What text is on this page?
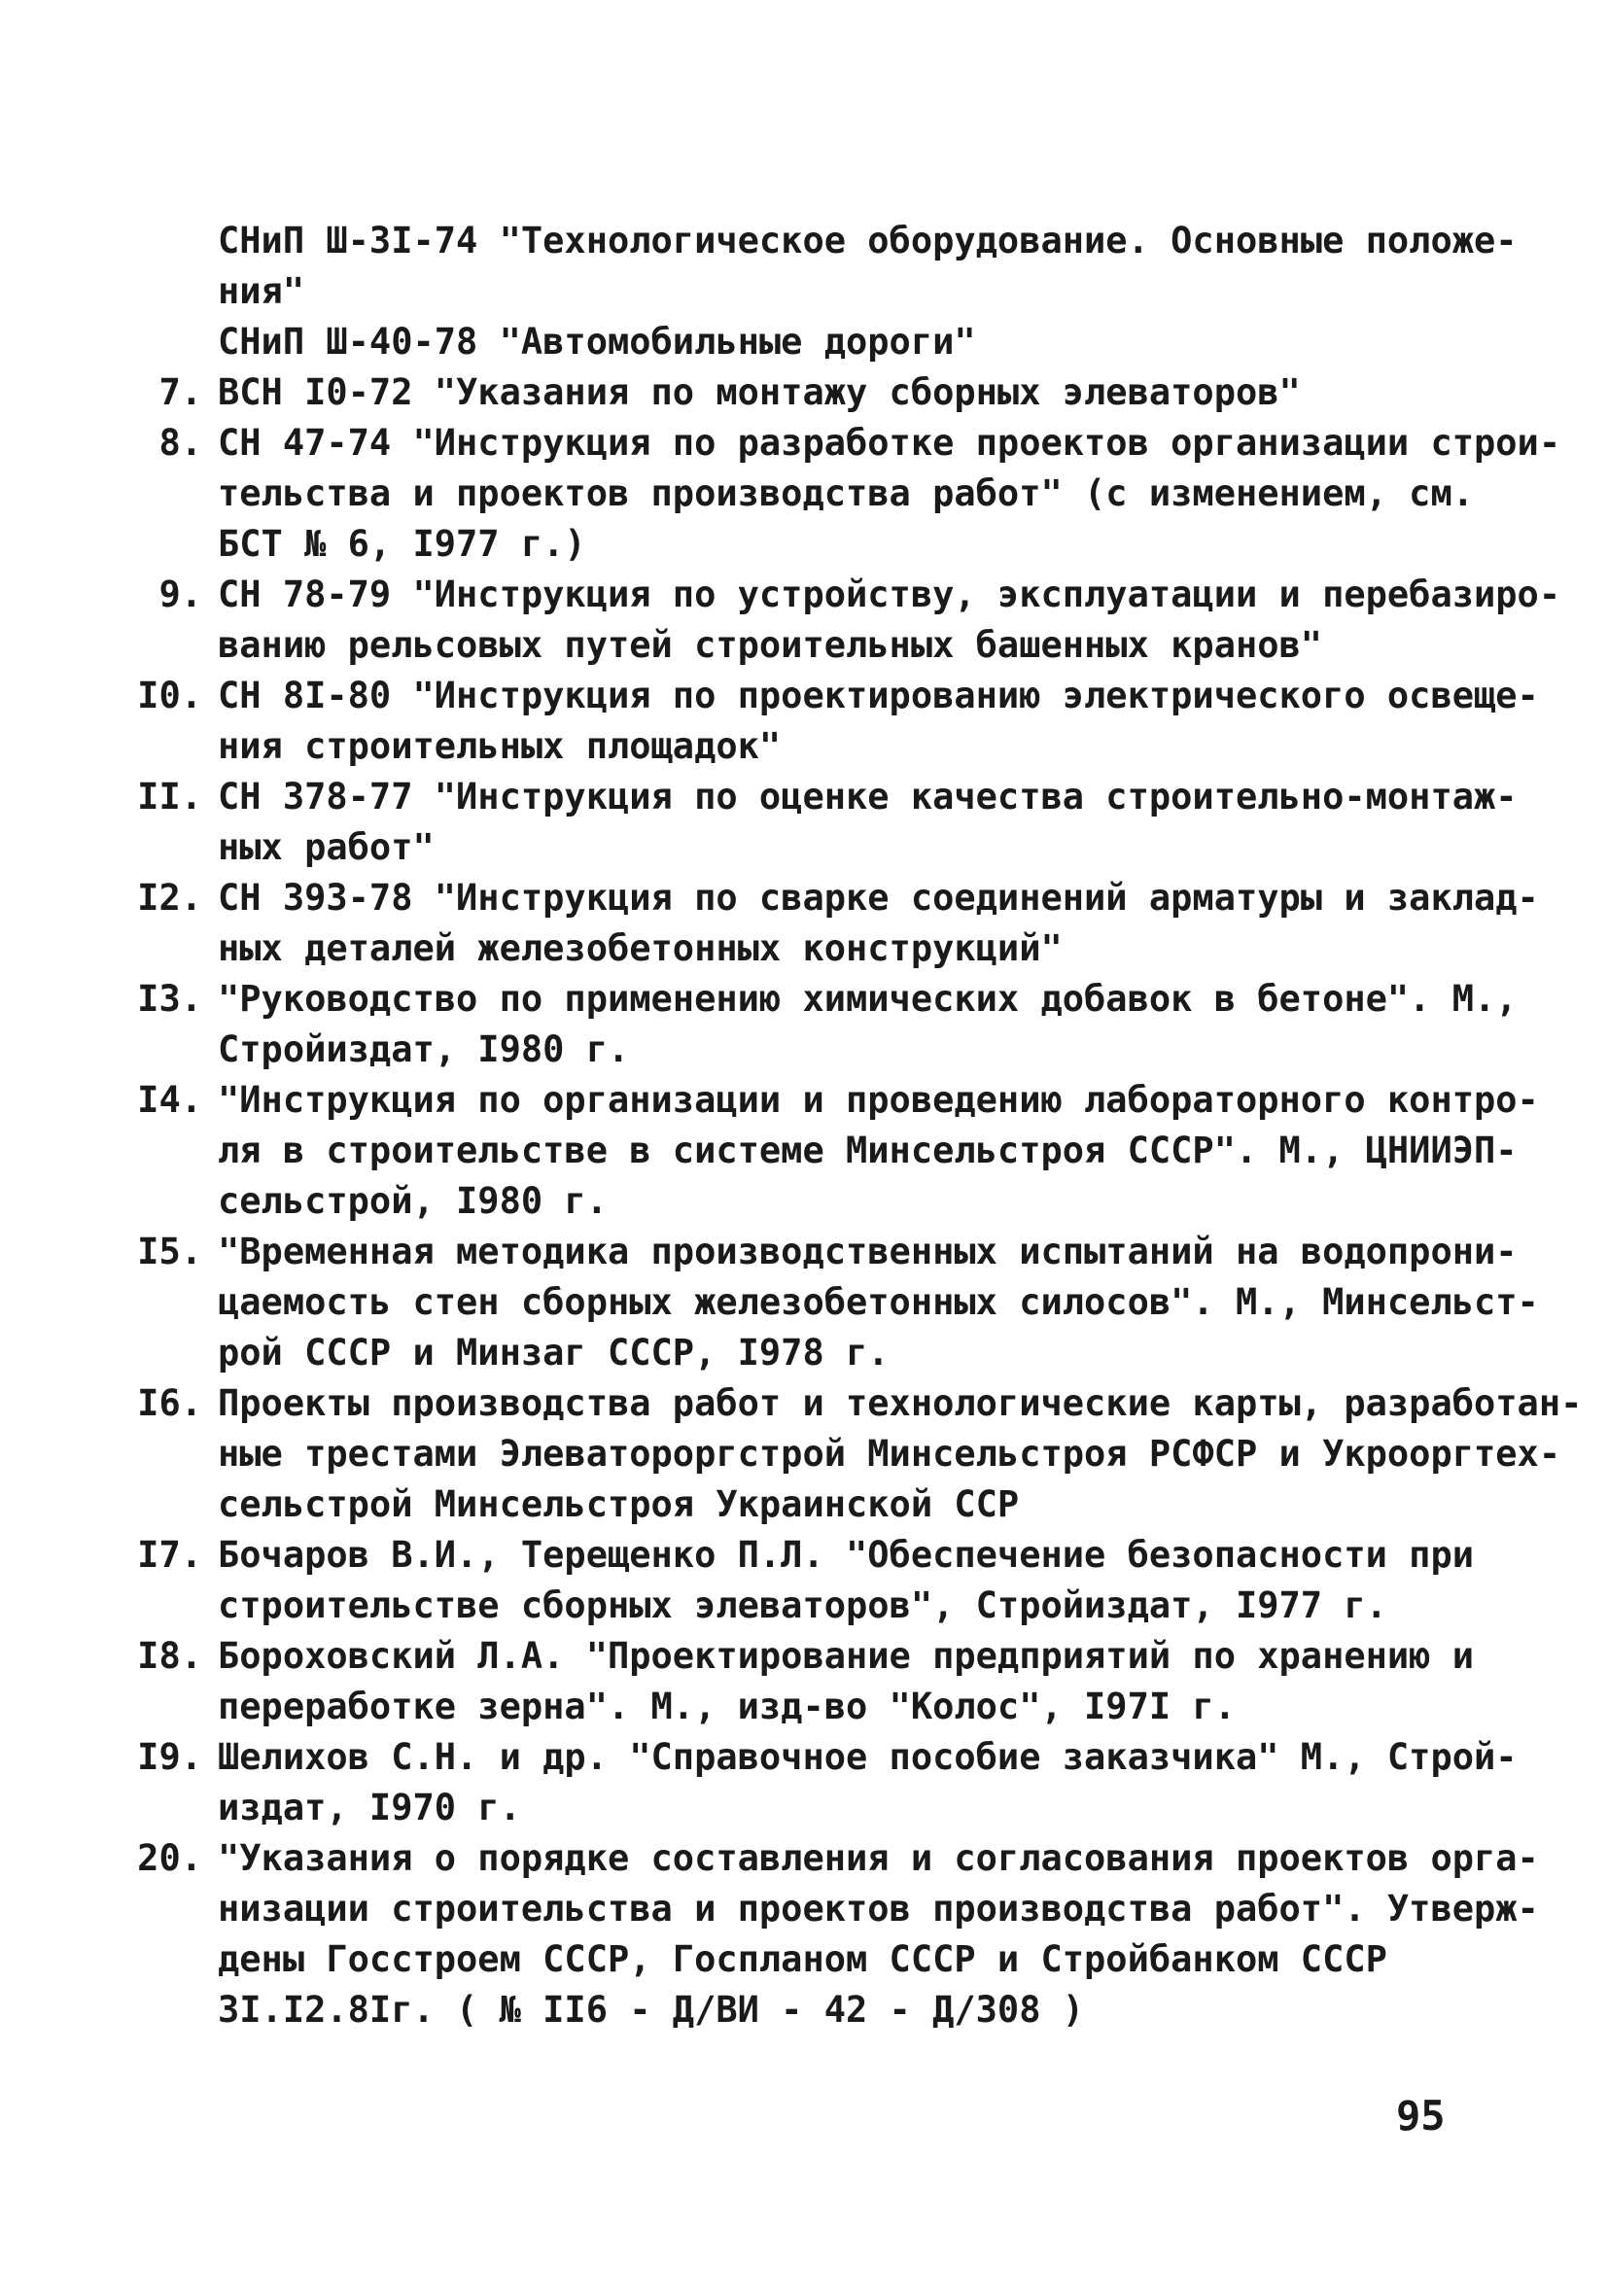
СНиП Ш-3I-74 "Технологическое оборудование. Основные положе-
ния"
СНиП Ш-40-78 "Автомобильные дороги"
7. ВСН I0-72 "Указания по монтажу сборных элеваторов"
8. СН 47-74 "Инструкция по разработке проектов организации строи-
тельства и проектов производства работ" (с изменением, см.
БСТ № 6, I977 г.)
9. СН 78-79 "Инструкция по устройству, эксплуатации и перебазиро-
ванию рельсовых путей строительных башенных кранов"
I0. СН 8I-80 "Инструкция по проектированию электрического освеще-
ния строительных площадок"
II. СН 378-77 "Инструкция по оценке качества строительно-монтаж-
ных работ"
I2. СН 393-78 "Инструкция по сварке соединений арматуры и заклад-
ных деталей железобетонных конструкций"
I3. "Руководство по применению химических добавок в бетоне". М.,
Стройиздат, I980 г.
I4. "Инструкция по организации и проведению лабораторного контро-
ля в строительстве в системе Минсельстроя СССР". М., ЦНИИЭП-
сельстрой, I980 г.
I5. "Временная методика производственных испытаний на водопрони-
цаемость стен сборных железобетонных силосов". М., Минсельст-
рой СССР и Минзаг СССР, I978 г.
I6. Проекты производства работ и технологические карты, разработан-
ные трестами Элеватороргстрой Минсельстроя РСФСР и Укрооргтех-
сельстрой Минсельстроя Украинской ССР
I7. Бочаров В.И., Терещенко П.Л. "Обеспечение безопасности при
строительстве сборных элеваторов", Стройиздат, I977 г.
I8. Бороховский Л.А. "Проектирование предприятий по хранению и
переработке зерна". М., изд-во "Колос", I97I г.
I9. Шелихов С.Н. и др. "Справочное пособие заказчика" М., Строй-
издат, I970 г.
20. "Указания о порядке составления и согласования проектов орга-
низации строительства и проектов производства работ". Утверж-
дены Госстроем СССР, Госпланом СССР и Стройбанком СССР
3I.I2.8Iг. ( № II6 - Д/ВИ - 42 - Д/308 )
95
